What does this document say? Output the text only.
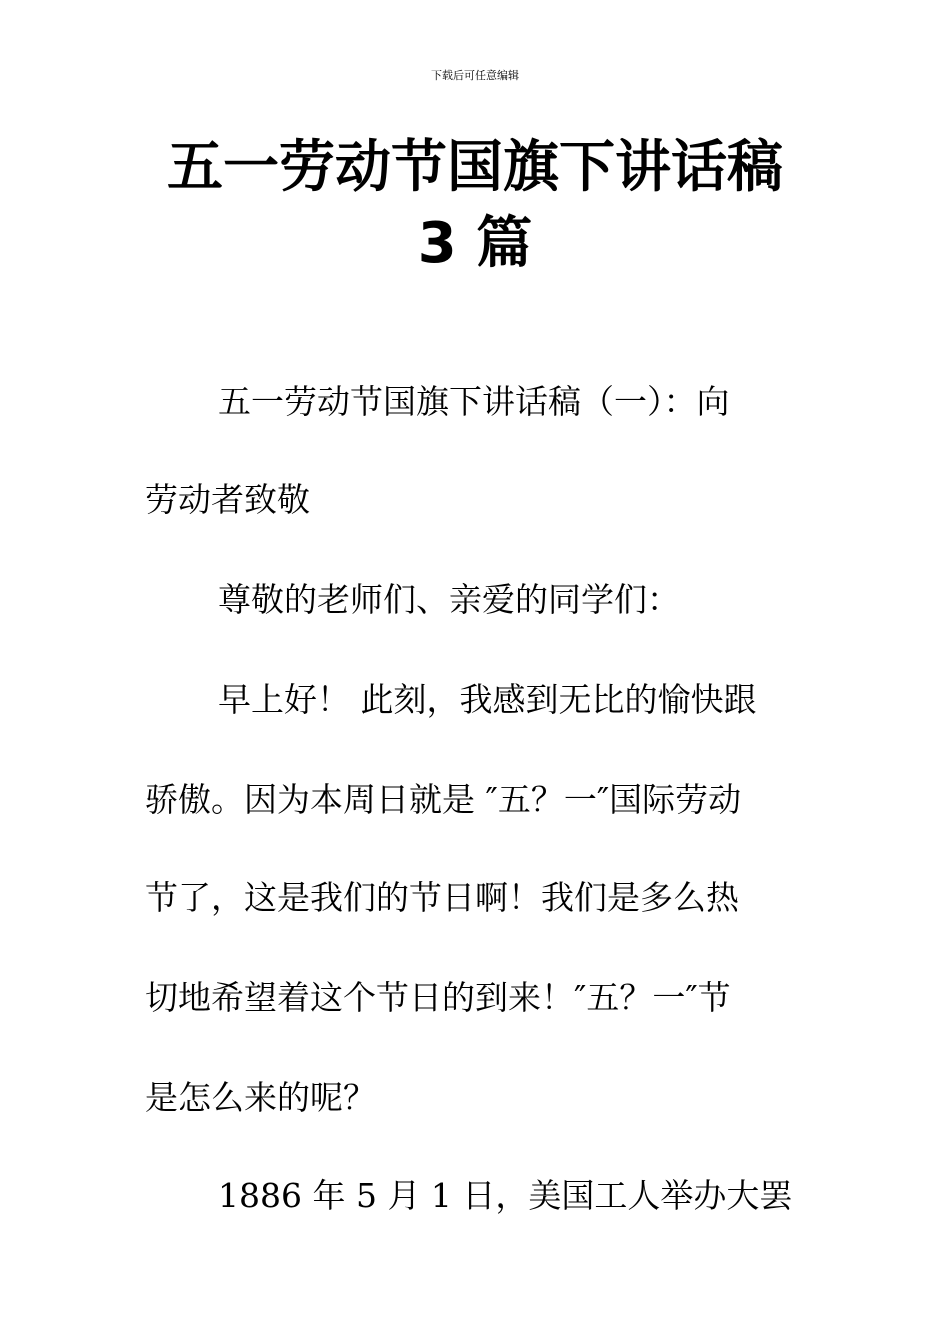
下载后可任意编辑
五一劳动节国旗下讲话稿
3 篇
五一劳动节国旗下讲话稿（一）：向
劳动者致敬
尊敬的老师们、亲爱的同学们：
早上好！ 此刻，我感到无比的愉快跟
骄傲。因为本周日就是 ″五？一″国际劳动
节了，这是我们的节日啊！我们是多么热
切地希望着这个节日的到来！″五？一″节
是怎么来的呢？
1886 年 5 月 1 日，美国工人举办大罢
